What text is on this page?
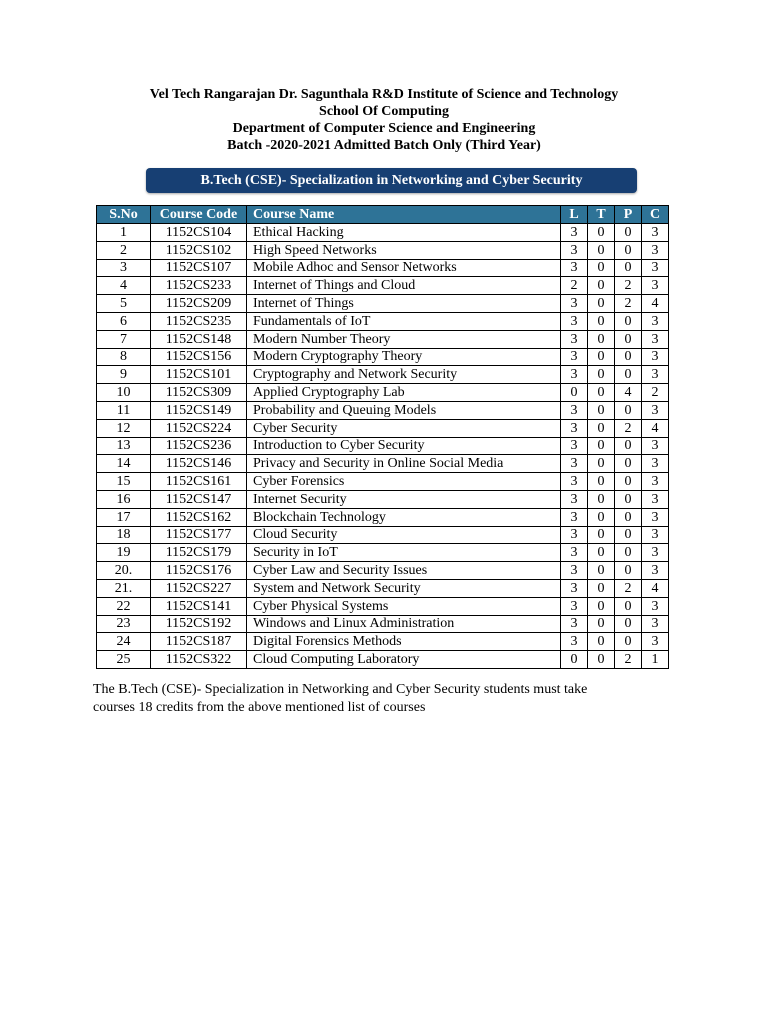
Vel Tech Rangarajan Dr. Sagunthala R&D Institute of Science and Technology
School Of Computing
Department of Computer Science and Engineering
Batch -2020-2021 Admitted Batch Only (Third Year)
B.Tech (CSE)- Specialization in Networking and Cyber Security
S.No	Course Code	Course Name	L	T	P	C
1	1152CS104	Ethical Hacking	3	0	0	3
2	1152CS102	High Speed Networks	3	0	0	3
3	1152CS107	Mobile Adhoc and Sensor Networks	3	0	0	3
4	1152CS233	Internet of Things and Cloud	2	0	2	3
5	1152CS209	Internet of Things	3	0	2	4
6	1152CS235	Fundamentals of IoT	3	0	0	3
7	1152CS148	Modern Number Theory	3	0	0	3
8	1152CS156	Modern Cryptography Theory	3	0	0	3
9	1152CS101	Cryptography and Network Security	3	0	0	3
10	1152CS309	Applied Cryptography Lab	0	0	4	2
11	1152CS149	Probability and Queuing Models	3	0	0	3
12	1152CS224	Cyber Security	3	0	2	4
13	1152CS236	Introduction to Cyber Security	3	0	0	3
14	1152CS146	Privacy and Security in Online Social Media	3	0	0	3
15	1152CS161	Cyber Forensics	3	0	0	3
16	1152CS147	Internet Security	3	0	0	3
17	1152CS162	Blockchain Technology	3	0	0	3
18	1152CS177	Cloud Security	3	0	0	3
19	1152CS179	Security in IoT	3	0	0	3
20.	1152CS176	Cyber Law and Security Issues	3	0	0	3
21.	1152CS227	System and Network Security	3	0	2	4
22	1152CS141	Cyber Physical Systems	3	0	0	3
23	1152CS192	Windows and Linux Administration	3	0	0	3
24	1152CS187	Digital Forensics Methods	3	0	0	3
25	1152CS322	Cloud Computing Laboratory	0	0	2	1
The B.Tech (CSE)- Specialization in Networking and Cyber Security students must take
courses 18 credits from the above mentioned list of courses
